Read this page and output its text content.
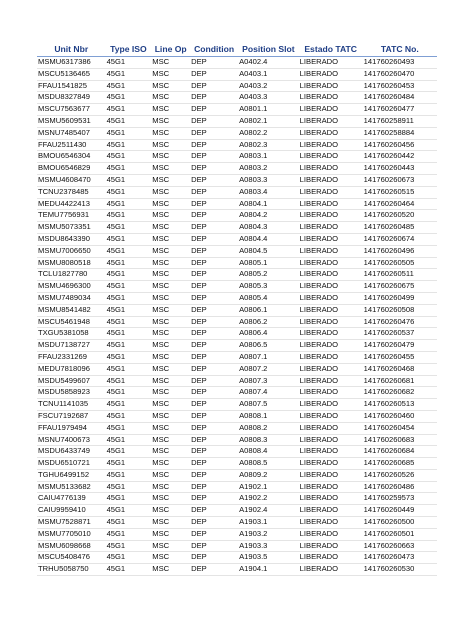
Unit Nbr	Type ISO	Line Op	Condition	Position Slot	Estado TATC	TATC No.
MSMU6317386	45G1	MSC	DEP	A0402.4	LIBERADO	141760260493
MSCU5136465	45G1	MSC	DEP	A0403.1	LIBERADO	141760260470
FFAU1541825	45G1	MSC	DEP	A0403.2	LIBERADO	141760260453
MSDU8327849	45G1	MSC	DEP	A0403.3	LIBERADO	141760260484
MSCU7563677	45G1	MSC	DEP	A0801.1	LIBERADO	141760260477
MSMU5609531	45G1	MSC	DEP	A0802.1	LIBERADO	141760258911
MSNU7485407	45G1	MSC	DEP	A0802.2	LIBERADO	141760258884
FFAU2511430	45G1	MSC	DEP	A0802.3	LIBERADO	141760260456
BMOU6546304	45G1	MSC	DEP	A0803.1	LIBERADO	141760260442
BMOU6546829	45G1	MSC	DEP	A0803.2	LIBERADO	141760260443
MSMU4608470	45G1	MSC	DEP	A0803.3	LIBERADO	141760260673
TCNU2378485	45G1	MSC	DEP	A0803.4	LIBERADO	141760260515
MEDU4422413	45G1	MSC	DEP	A0804.1	LIBERADO	141760260464
TEMU7756931	45G1	MSC	DEP	A0804.2	LIBERADO	141760260520
MSMU5073351	45G1	MSC	DEP	A0804.3	LIBERADO	141760260485
MSDU8643390	45G1	MSC	DEP	A0804.4	LIBERADO	141760260674
MSMU7006650	45G1	MSC	DEP	A0804.5	LIBERADO	141760260496
MSMU8080518	45G1	MSC	DEP	A0805.1	LIBERADO	141760260505
TCLU1827780	45G1	MSC	DEP	A0805.2	LIBERADO	141760260511
MSMU4696300	45G1	MSC	DEP	A0805.3	LIBERADO	141760260675
MSMU7489034	45G1	MSC	DEP	A0805.4	LIBERADO	141760260499
MSMU8541482	45G1	MSC	DEP	A0806.1	LIBERADO	141760260508
MSCU5461948	45G1	MSC	DEP	A0806.2	LIBERADO	141760260476
TXGU5381058	45G1	MSC	DEP	A0806.4	LIBERADO	141760260537
MSDU7138727	45G1	MSC	DEP	A0806.5	LIBERADO	141760260479
FFAU2331269	45G1	MSC	DEP	A0807.1	LIBERADO	141760260455
MEDU7818096	45G1	MSC	DEP	A0807.2	LIBERADO	141760260468
MSDU5499607	45G1	MSC	DEP	A0807.3	LIBERADO	141760260681
MSDU5858923	45G1	MSC	DEP	A0807.4	LIBERADO	141760260682
TCNU1141035	45G1	MSC	DEP	A0807.5	LIBERADO	141760260513
FSCU7192687	45G1	MSC	DEP	A0808.1	LIBERADO	141760260460
FFAU1979494	45G1	MSC	DEP	A0808.2	LIBERADO	141760260454
MSNU7400673	45G1	MSC	DEP	A0808.3	LIBERADO	141760260683
MSDU6433749	45G1	MSC	DEP	A0808.4	LIBERADO	141760260684
MSDU6510721	45G1	MSC	DEP	A0808.5	LIBERADO	141760260685
TGHU6499152	45G1	MSC	DEP	A0809.2	LIBERADO	141760260526
MSMU5133682	45G1	MSC	DEP	A1902.1	LIBERADO	141760260486
CAIU4776139	45G1	MSC	DEP	A1902.2	LIBERADO	141760259573
CAIU9959410	45G1	MSC	DEP	A1902.4	LIBERADO	141760260449
MSMU7528871	45G1	MSC	DEP	A1903.1	LIBERADO	141760260500
MSMU7705010	45G1	MSC	DEP	A1903.2	LIBERADO	141760260501
MSMU6098668	45G1	MSC	DEP	A1903.3	LIBERADO	141760260663
MSCU5408476	45G1	MSC	DEP	A1903.5	LIBERADO	141760260473
TRHU5058750	45G1	MSC	DEP	A1904.1	LIBERADO	141760260530
